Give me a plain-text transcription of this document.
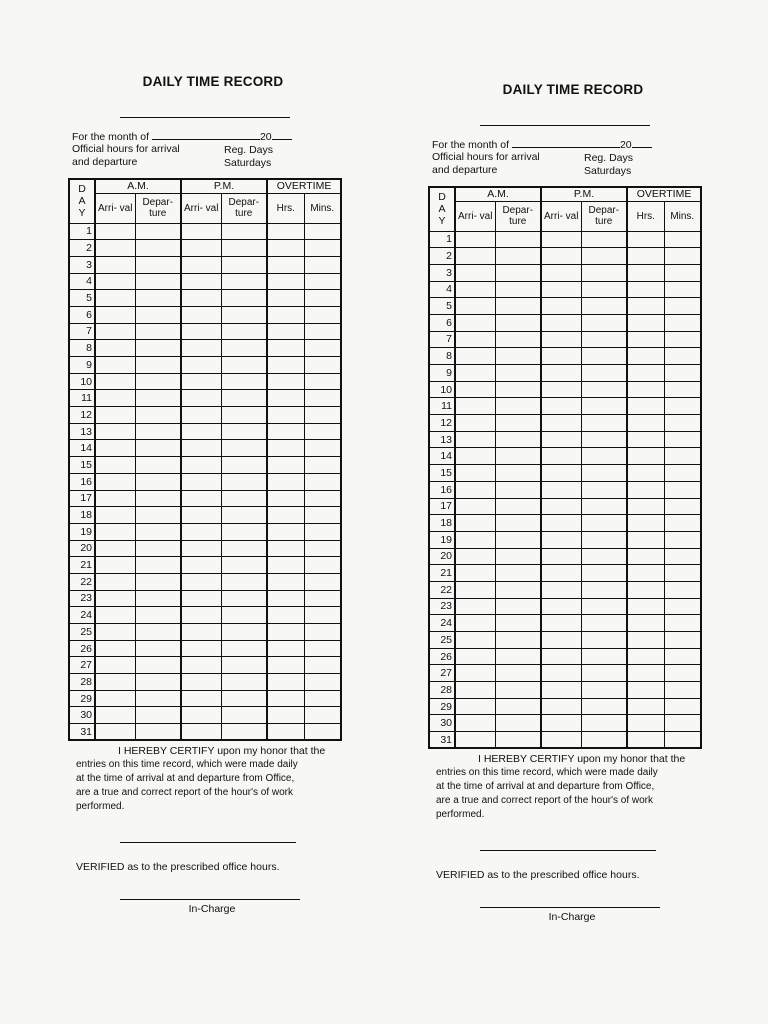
DAILY TIME RECORD
For the month of	20
Official hours for arrival
and departure
Reg. Days
Saturdays
D
A
Y	A.M.		P.M.		OVERTIME	
	Arri- val	Depar- ture	Arri- val	Depar- ture	Hrs.	Mins.
1						
2						
3						
4						
5						
6						
7						
8						
9						
10						
11						
12						
13						
14						
15						
16						
17						
18						
19						
20						
21						
22						
23						
24						
25						
26						
27						
28						
29						
30						
31						
I HEREBY CERTIFY upon my honor that the
entries on this time record, which were made daily
at the time of arrival at and departure from Office,
are a true and correct report of the hour's of work
performed.
VERIFIED as to the prescribed office hours.
In-Charge
DAILY TIME RECORD
For the month of	20
Official hours for arrival
and departure
Reg. Days
Saturdays
D
A
Y	A.M.		P.M.		OVERTIME	
	Arri- val	Depar- ture	Arri- val	Depar- ture	Hrs.	Mins.
1						
2						
3						
4						
5						
6						
7						
8						
9						
10						
11						
12						
13						
14						
15						
16						
17						
18						
19						
20						
21						
22						
23						
24						
25						
26						
27						
28						
29						
30						
31						
I HEREBY CERTIFY upon my honor that the
entries on this time record, which were made daily
at the time of arrival at and departure from Office,
are a true and correct report of the hour's of work
performed.
VERIFIED as to the prescribed office hours.
In-Charge
